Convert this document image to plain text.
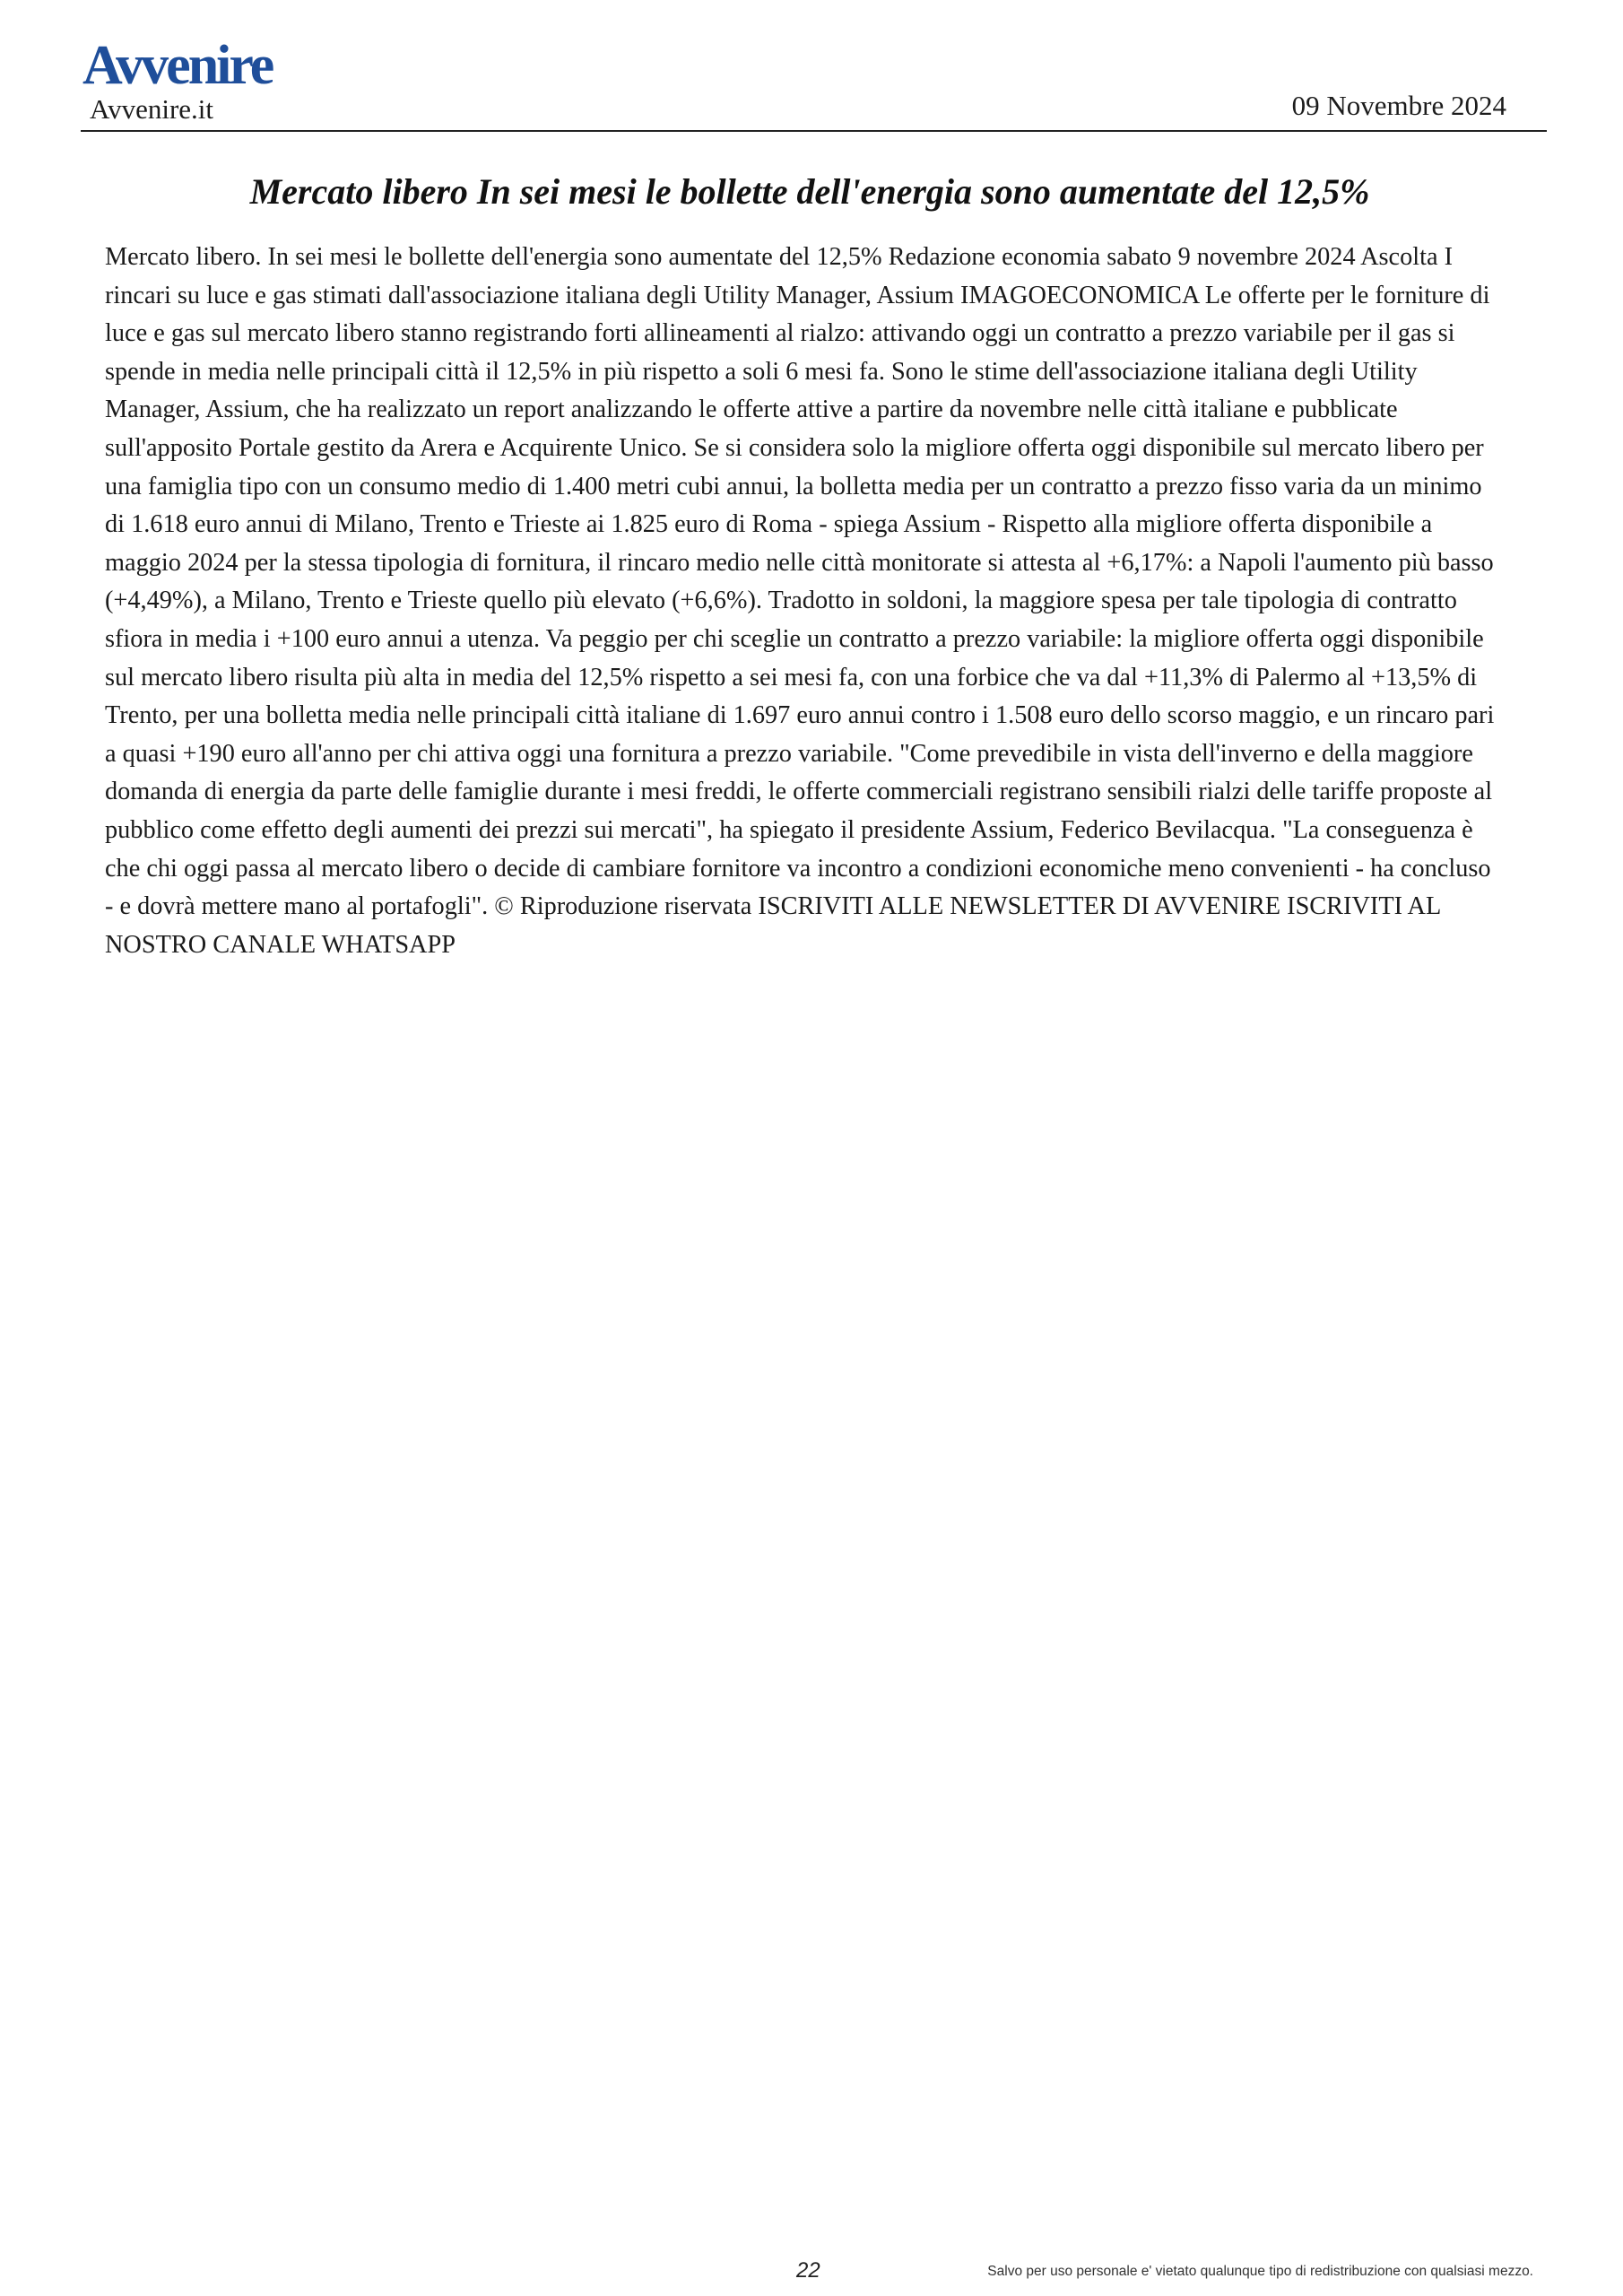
Avvenire
Avvenire.it	09 Novembre 2024
Mercato libero In sei mesi le bollette dell'energia sono aumentate del 12,5%

Mercato libero. In sei mesi le bollette dell'energia sono aumentate del 12,5% Redazione economia sabato 9 novembre 2024 Ascolta I rincari su luce e gas stimati dall'associazione italiana degli Utility Manager, Assium IMAGOECONOMICA Le offerte per le forniture di luce e gas sul mercato libero stanno registrando forti allineamenti al rialzo: attivando oggi un contratto a prezzo variabile per il gas si spende in media nelle principali città il 12,5% in più rispetto a soli 6 mesi fa. Sono le stime dell'associazione italiana degli Utility Manager, Assium, che ha realizzato un report analizzando le offerte attive a partire da novembre nelle città italiane e pubblicate sull'apposito Portale gestito da Arera e Acquirente Unico. Se si considera solo la migliore offerta oggi disponibile sul mercato libero per una famiglia tipo con un consumo medio di 1.400 metri cubi annui, la bolletta media per un contratto a prezzo fisso varia da un minimo di 1.618 euro annui di Milano, Trento e Trieste ai 1.825 euro di Roma - spiega Assium - Rispetto alla migliore offerta disponibile a maggio 2024 per la stessa tipologia di fornitura, il rincaro medio nelle città monitorate si attesta al +6,17%: a Napoli l'aumento più basso (+4,49%), a Milano, Trento e Trieste quello più elevato (+6,6%). Tradotto in soldoni, la maggiore spesa per tale tipologia di contratto sfiora in media i +100 euro annui a utenza. Va peggio per chi sceglie un contratto a prezzo variabile: la migliore offerta oggi disponibile sul mercato libero risulta più alta in media del 12,5% rispetto a sei mesi fa, con una forbice che va dal +11,3% di Palermo al +13,5% di Trento, per una bolletta media nelle principali città italiane di 1.697 euro annui contro i 1.508 euro dello scorso maggio, e un rincaro pari a quasi +190 euro all'anno per chi attiva oggi una fornitura a prezzo variabile. "Come prevedibile in vista dell'inverno e della maggiore domanda di energia da parte delle famiglie durante i mesi freddi, le offerte commerciali registrano sensibili rialzi delle tariffe proposte al pubblico come effetto degli aumenti dei prezzi sui mercati", ha spiegato il presidente Assium, Federico Bevilacqua. "La conseguenza è che chi oggi passa al mercato libero o decide di cambiare fornitore va incontro a condizioni economiche meno convenienti - ha concluso - e dovrà mettere mano al portafogli". © Riproduzione riservata ISCRIVITI ALLE NEWSLETTER DI AVVENIRE ISCRIVITI AL NOSTRO CANALE WHATSAPP

22	Salvo per uso personale e' vietato qualunque tipo di redistribuzione con qualsiasi mezzo.
